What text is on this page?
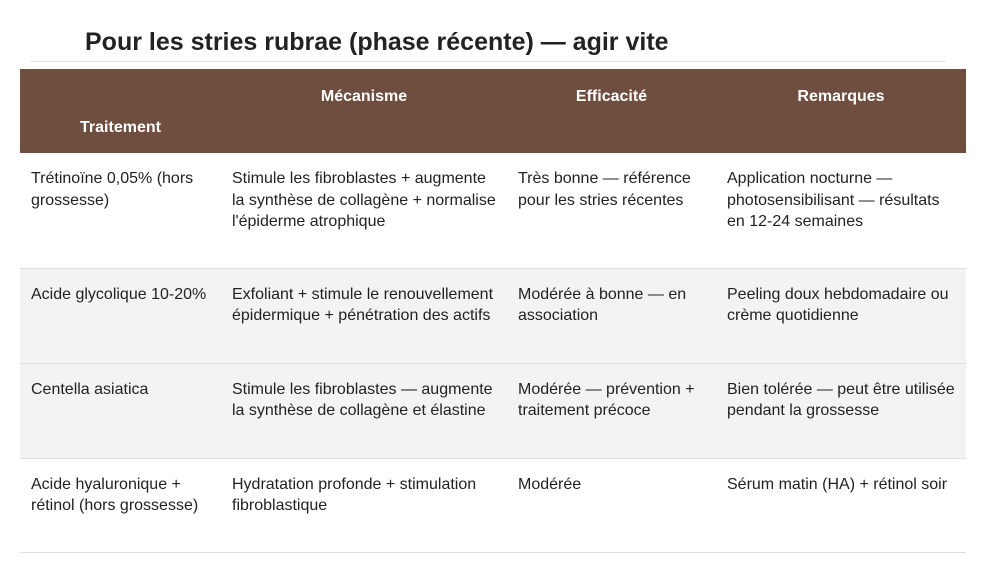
Pour les stries rubrae (phase récente) — agir vite
Traitement	Mécanisme	Efficacité	Remarques

Trétinoïne 0,05% (hors grossesse)	Stimule les fibroblastes + augmente la synthèse de collagène + normalise l'épiderme atrophique	Très bonne — référence pour les stries récentes	Application nocturne — photosensibilisant — résultats en 12-24 semaines
Acide glycolique 10-20%	Exfoliant + stimule le renouvellement épidermique + pénétration des actifs	Modérée à bonne — en association	Peeling doux hebdomadaire ou crème quotidienne
Centella asiatica	Stimule les fibroblastes — augmente la synthèse de collagène et élastine	Modérée — prévention + traitement précoce	Bien tolérée — peut être utilisée pendant la grossesse
Acide hyaluronique + rétinol (hors grossesse)	Hydratation profonde + stimulation fibroblastique	Modérée	Sérum matin (HA) + rétinol soir
